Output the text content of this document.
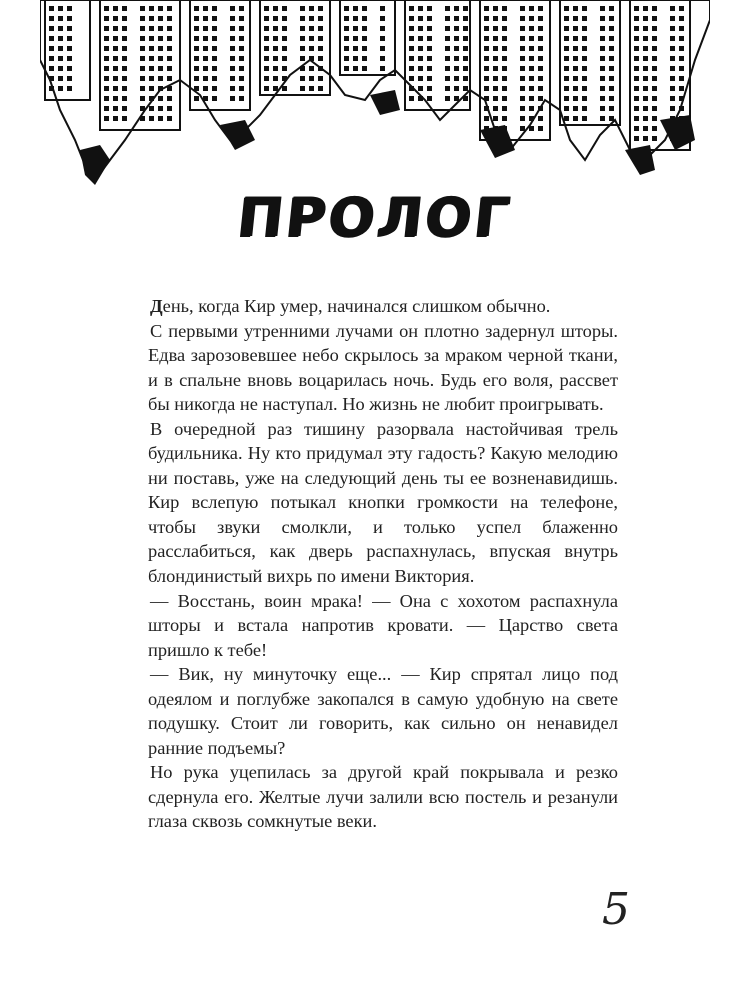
ПРОЛОГ

День, когда Кир умер, начинался слишком обычно.

С первыми утренними лучами он плотно задернул шторы. Едва зарозовевшее небо скрылось за мраком черной ткани, и в спальне вновь воцарилась ночь. Будь его воля, рассвет бы никогда не наступал. Но жизнь не любит проигрывать.

В очередной раз тишину разорвала настойчивая трель будильника. Ну кто придумал эту гадость? Какую мелодию ни поставь, уже на следующий день ты ее возненавидишь. Кир вслепую потыкал кнопки громкости на телефоне, чтобы звуки смолкли, и только успел блаженно расслабиться, как дверь распахнулась, впуская внутрь блондинистый вихрь по имени Виктория.

— Восстань, воин мрака! — Она с хохотом распахнула шторы и встала напротив кровати. — Царство света пришло к тебе!

— Вик, ну минуточку еще... — Кир спрятал лицо под одеялом и поглубже закопался в самую удобную на свете подушку. Стоит ли говорить, как сильно он ненавидел ранние подъемы?

Но рука уцепилась за другой край покрывала и резко сдернула его. Желтые лучи залили всю постель и резанули глаза сквозь сомкнутые веки.

5
